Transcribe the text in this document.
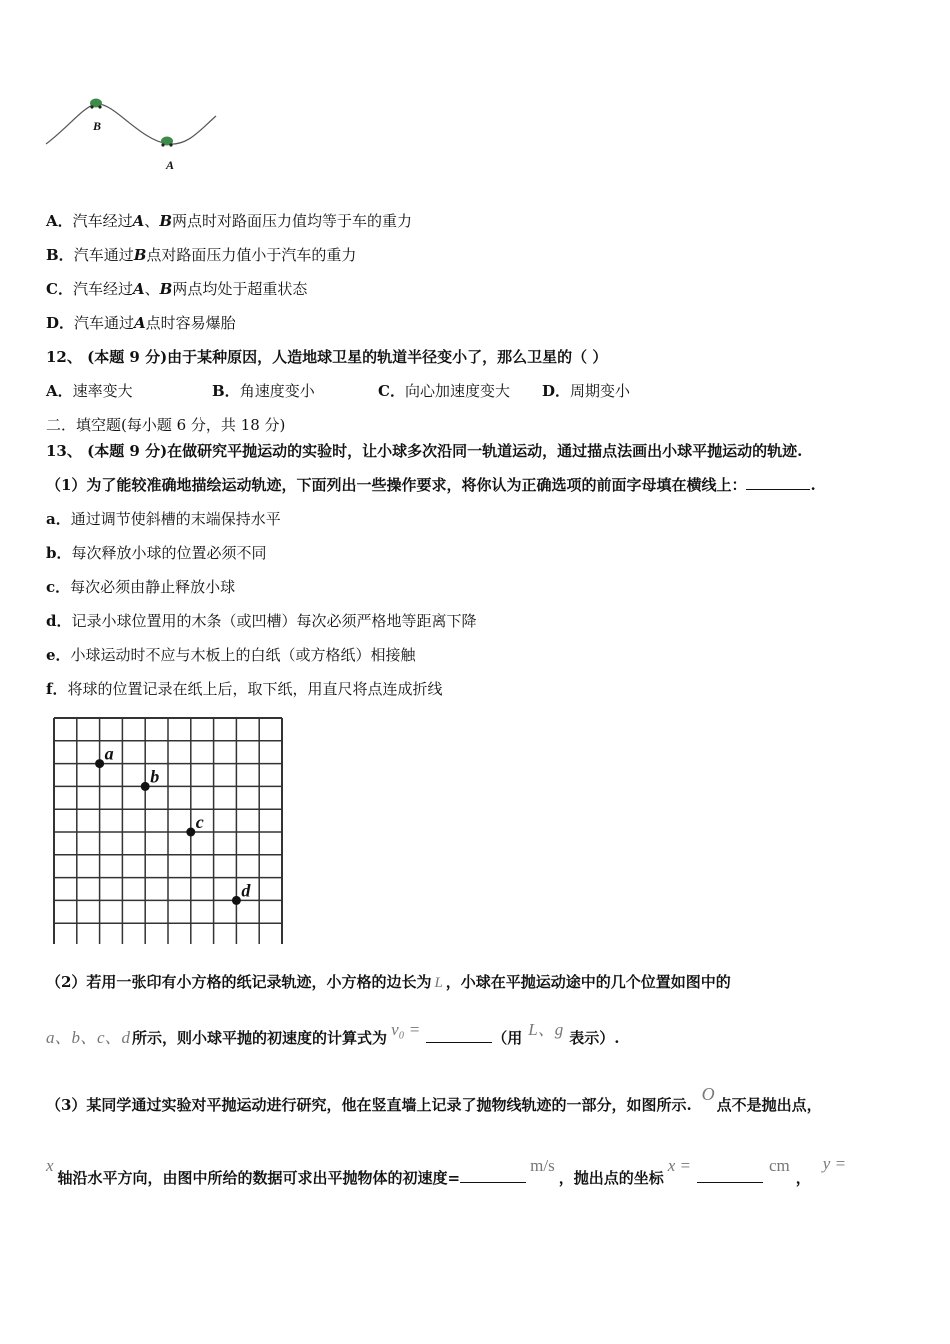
B
A
A．汽车经过A、B两点时对路面压力值均等于车的重力
B．汽车通过B点对路面压力值小于汽车的重力
C．汽车经过A、B两点均处于超重状态
D．汽车通过A点时容易爆胎
12、 (本题 9 分)由于某种原因，人造地球卫星的轨道半径变小了，那么卫星的（ ）
A．速率变大	B．角速度变小	C．向心加速度变大 D．周期变小
二．填空题(每小题 6 分，共 18 分)
13、 (本题 9 分)在做研究平抛运动的实验时，让小球多次沿同一轨道运动，通过描点法画出小球平抛运动的轨迹.
（1）为了能较准确地描绘运动轨迹，下面列出一些操作要求，将你认为正确选项的前面字母填在横线上：	.
a．通过调节使斜槽的末端保持水平
b．每次释放小球的位置必须不同
c．每次必须由静止释放小球
d．记录小球位置用的木条（或凹槽）每次必须严格地等距离下降
e．小球运动时不应与木板上的白纸（或方格纸）相接触
f．将球的位置记录在纸上后，取下纸，用直尺将点连成折线
a
b
c
d
（2）若用一张印有小方格的纸记录轨迹，小方格的边长为 L ，小球在平抛运动途中的几个位置如图中的
a、b、c、d 所示，则小球平抛的初速度的计算式为 v₀ =	（用 L、g 表示）.
（3）某同学通过实验对平抛运动进行研究，他在竖直墙上记录了抛物线轨迹的一部分，如图所示.O点不是抛出点，
x轴沿水平方向，由图中所给的数据可求出平抛物体的初速度=m/s，抛出点的坐标x =	cm，y =
